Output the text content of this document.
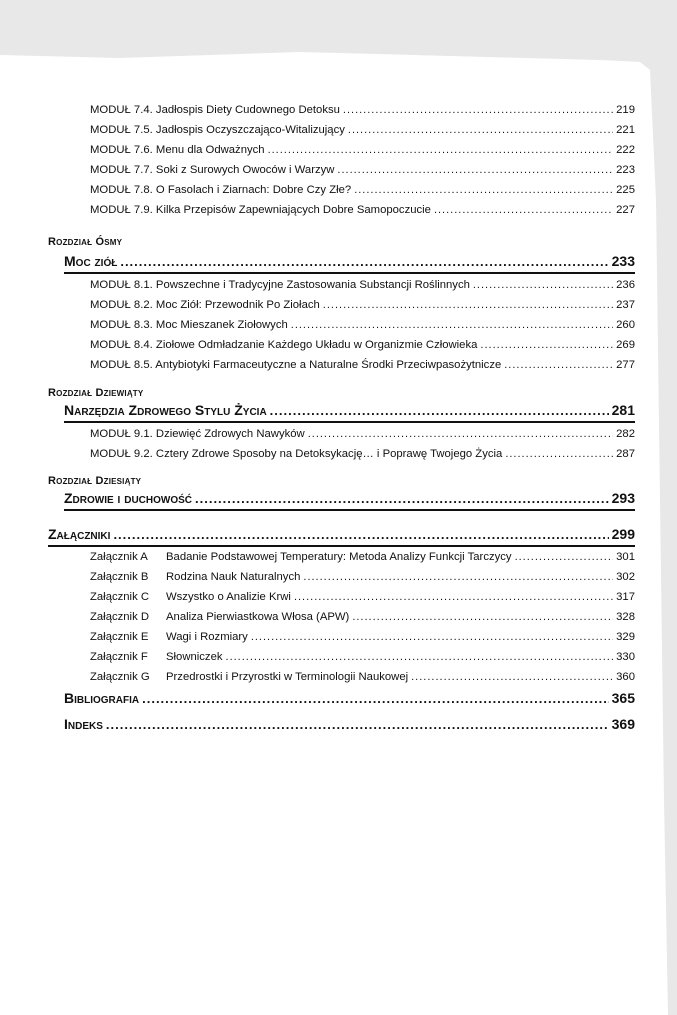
MODUŁ 7.4. Jadłospis Diety Cudownego Detoksu .....	219
MODUŁ 7.5. Jadłospis Oczyszczająco-Witalizujący .....	221
MODUŁ 7.6. Menu dla Odważnych .....	222
MODUŁ 7.7. Soki z Surowych Owoców i Warzyw .....	223
MODUŁ 7.8. O Fasolach i Ziarnach: Dobre Czy Złe? .....	225
MODUŁ 7.9. Kilka Przepisów Zapewniających Dobre Samopoczucie .....	227
Rozdział Ósmy
Moc ziół .....	233
MODUŁ 8.1. Powszechne i Tradycyjne Zastosowania Substancji Roślinnych .....	236
MODUŁ 8.2. Moc Ziół: Przewodnik Po Ziołach .....	237
MODUŁ 8.3. Moc Mieszanek Ziołowych .....	260
MODUŁ 8.4. Ziołowe Odmładzanie Każdego Układu w Organizmie Człowieka .....	269
MODUŁ 8.5. Antybiotyki Farmaceutyczne a Naturalne Środki Przeciwpasożytnicze .....	277
Rozdział Dziewiąty
Narzędzia Zdrowego Stylu Życia .....	281
MODUŁ 9.1. Dziewięć Zdrowych Nawyków .....	282
MODUŁ 9.2. Cztery Zdrowe Sposoby na Detoksykację… i Poprawę Twojego Życia .....	287
Rozdział Dziesiąty
Zdrowie i duchowość .....	293
Załączniki .....	299
Załącznik A Badanie Podstawowej Temperatury: Metoda Analizy Funkcji Tarczycy .....	301
Załącznik B Rodzina Nauk Naturalnych .....	302
Załącznik C Wszystko o Analizie Krwi .....	317
Załącznik D Analiza Pierwiastkowa Włosa (APW) .....	328
Załącznik E Wagi i Rozmiary .....	329
Załącznik F Słowniczek .....	330
Załącznik G Przedrostki i Przyrostki w Terminologii Naukowej .....	360
Bibliografia .....	365
Indeks .....	369
